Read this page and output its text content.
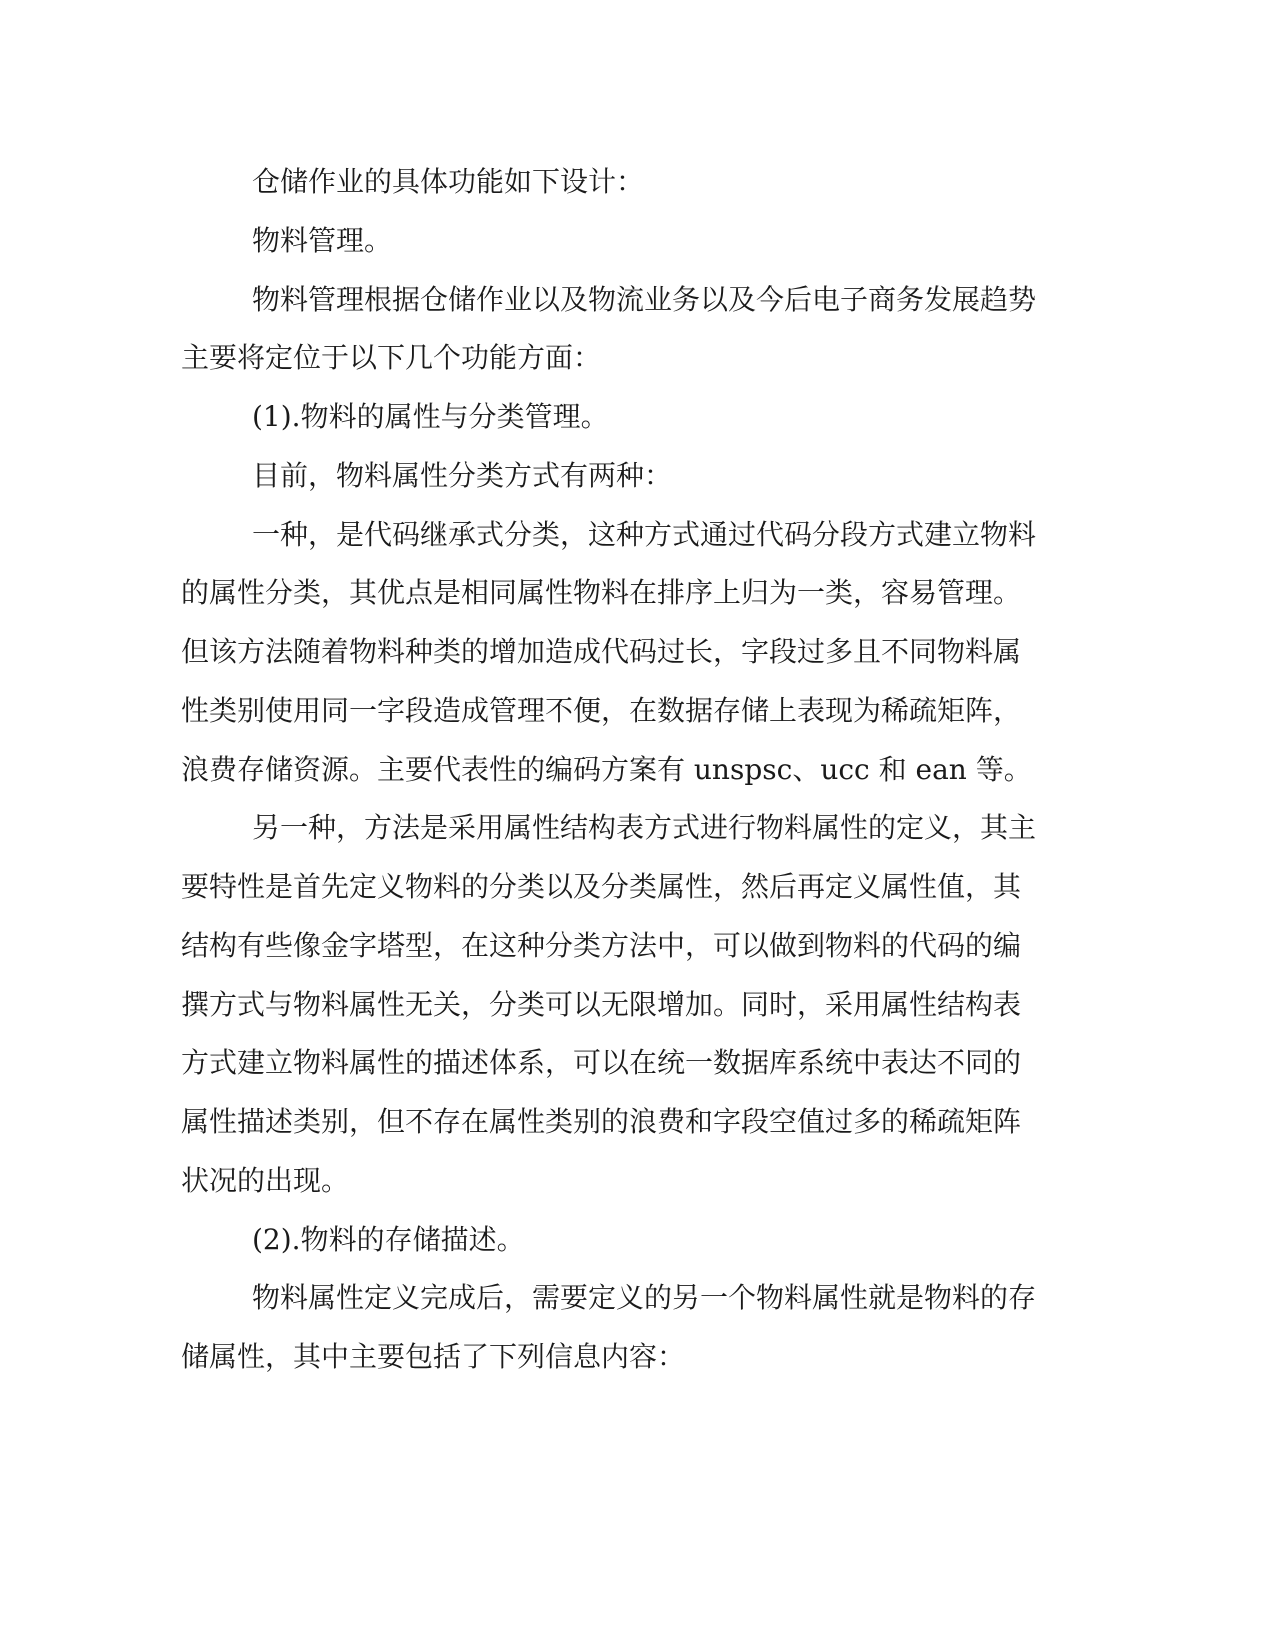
仓储作业的具体功能如下设计：
物料管理。
物料管理根据仓储作业以及物流业务以及今后电子商务发展趋势
主要将定位于以下几个功能方面：
(1).物料的属性与分类管理。
目前，物料属性分类方式有两种：
一种，是代码继承式分类，这种方式通过代码分段方式建立物料
的属性分类，其优点是相同属性物料在排序上归为一类，容易管理。
但该方法随着物料种类的增加造成代码过长，字段过多且不同物料属
性类别使用同一字段造成管理不便，在数据存储上表现为稀疏矩阵，
浪费存储资源。主要代表性的编码方案有 unspsc、ucc 和 ean 等。
另一种，方法是采用属性结构表方式进行物料属性的定义，其主
要特性是首先定义物料的分类以及分类属性，然后再定义属性值，其
结构有些像金字塔型，在这种分类方法中，可以做到物料的代码的编
撰方式与物料属性无关，分类可以无限增加。同时，采用属性结构表
方式建立物料属性的描述体系，可以在统一数据库系统中表达不同的
属性描述类别，但不存在属性类别的浪费和字段空值过多的稀疏矩阵
状况的出现。
(2).物料的存储描述。
物料属性定义完成后，需要定义的另一个物料属性就是物料的存
储属性，其中主要包括了下列信息内容：
